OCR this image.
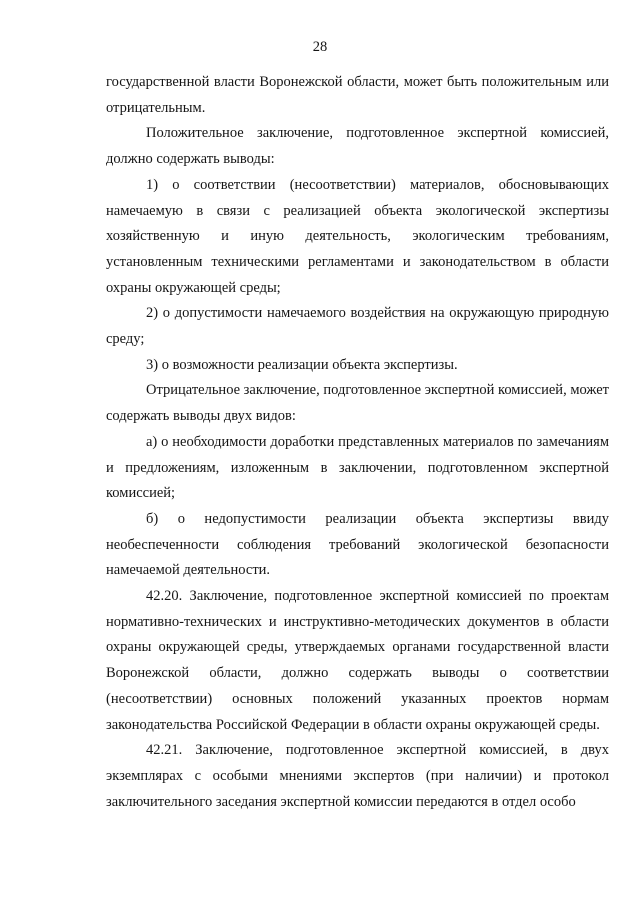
28

государственной власти Воронежской области, может быть положительным или отрицательным.

Положительное заключение, подготовленное экспертной комиссией, должно содержать выводы:

1) о соответствии (несоответствии) материалов, обосновывающих намечаемую в связи с реализацией объекта экологической экспертизы хозяйственную и иную деятельность, экологическим требованиям, установленным техническими регламентами и законодательством в области охраны окружающей среды;

2) о допустимости намечаемого воздействия на окружающую природную среду;

3) о возможности реализации объекта экспертизы.

Отрицательное заключение, подготовленное экспертной комиссией, может содержать выводы двух видов:

а) о необходимости доработки представленных материалов по замечаниям и предложениям, изложенным в заключении, подготовленном экспертной комиссией;

б) о недопустимости реализации объекта экспертизы ввиду необеспеченности соблюдения требований экологической безопасности намечаемой деятельности.

42.20. Заключение, подготовленное экспертной комиссией по проектам нормативно-технических и инструктивно-методических документов в области охраны окружающей среды, утверждаемых органами государственной власти Воронежской области, должно содержать выводы о соответствии (несоответствии) основных положений указанных проектов нормам законодательства Российской Федерации в области охраны окружающей среды.

42.21. Заключение, подготовленное экспертной комиссией, в двух экземплярах с особыми мнениями экспертов (при наличии) и протокол заключительного заседания экспертной комиссии передаются в отдел особо
